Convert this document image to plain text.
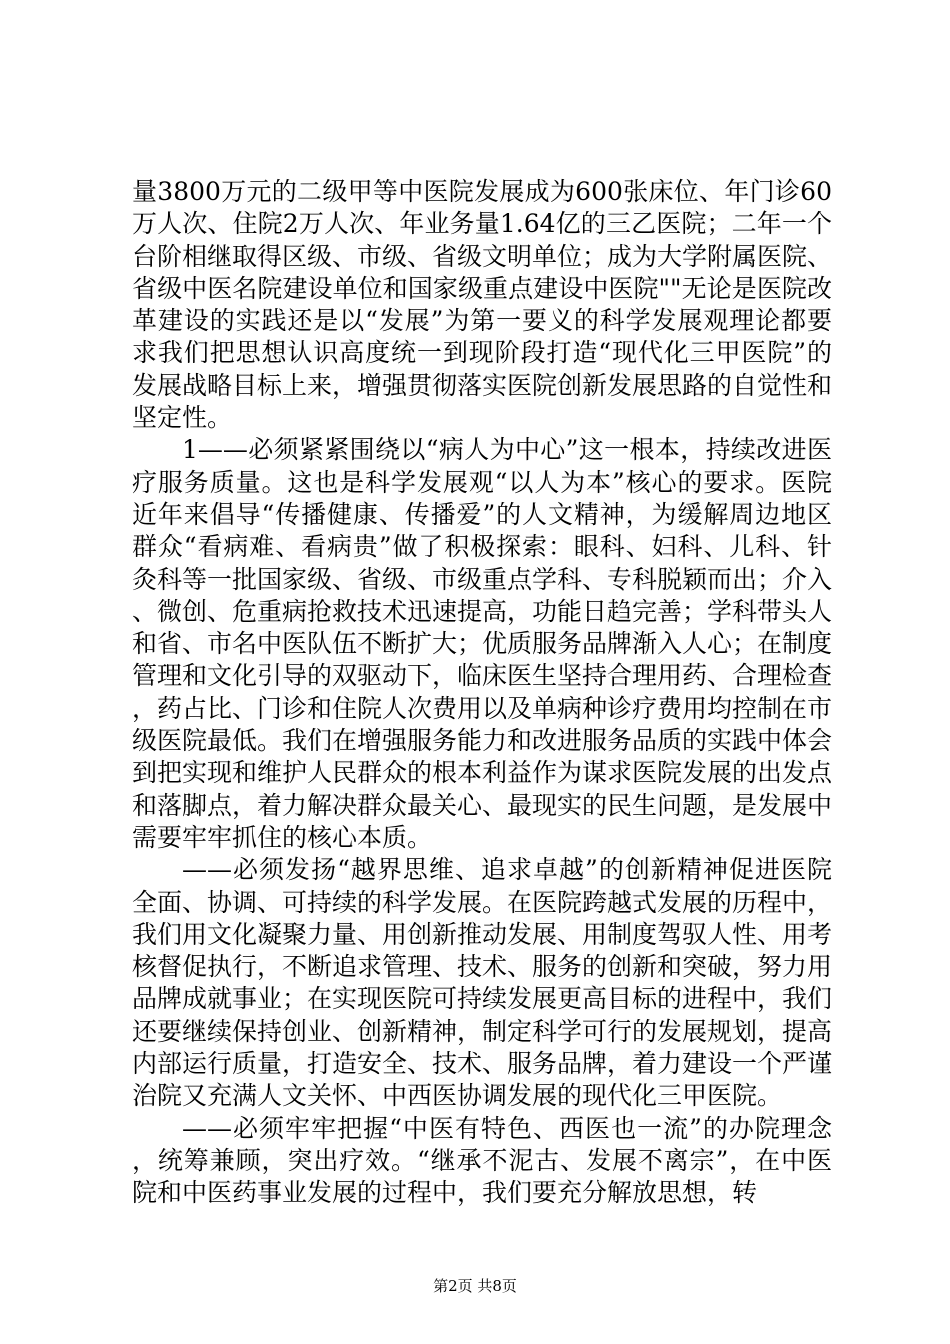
量3800万元的二级甲等中医院发展成为600张床位、年门诊60万人次、住院2万人次、年业务量1.64亿的三乙医院；二年一个台阶相继取得区级、市级、省级文明单位；成为大学附属医院、省级中医名院建设单位和国家级重点建设中医院""无论是医院改革建设的实践还是以“发展”为第一要义的科学发展观理论都要求我们把思想认识高度统一到现阶段打造“现代化三甲医院”的发展战略目标上来，增强贯彻落实医院创新发展思路的自觉性和坚定性。

1——必须紧紧围绕以“病人为中心”这一根本，持续改进医疗服务质量。这也是科学发展观“以人为本”核心的要求。医院近年来倡导“传播健康、传播爱”的人文精神，为缓解周边地区群众“看病难、看病贵”做了积极探索：眼科、妇科、儿科、针灸科等一批国家级、省级、市级重点学科、专科脱颖而出；介入、微创、危重病抢救技术迅速提高，功能日趋完善；学科带头人和省、市名中医队伍不断扩大；优质服务品牌渐入人心；在制度管理和文化引导的双驱动下，临床医生坚持合理用药、合理检查，药占比、门诊和住院人次费用以及单病种诊疗费用均控制在市级医院最低。我们在增强服务能力和改进服务品质的实践中体会到把实现和维护人民群众的根本利益作为谋求医院发展的出发点和落脚点，着力解决群众最关心、最现实的民生问题，是发展中需要牢牢抓住的核心本质。

——必须发扬“越界思维、追求卓越”的创新精神促进医院全面、协调、可持续的科学发展。在医院跨越式发展的历程中，我们用文化凝聚力量、用创新推动发展、用制度驾驭人性、用考核督促执行，不断追求管理、技术、服务的创新和突破，努力用品牌成就事业；在实现医院可持续发展更高目标的进程中，我们还要继续保持创业、创新精神，制定科学可行的发展规划，提高内部运行质量，打造安全、技术、服务品牌，着力建设一个严谨治院又充满人文关怀、中西医协调发展的现代化三甲医院。

——必须牢牢把握“中医有特色、西医也一流”的办院理念，统筹兼顾，突出疗效。“继承不泥古、发展不离宗”，在中医院和中医药事业发展的过程中，我们要充分解放思想，转

第2页 共8页
